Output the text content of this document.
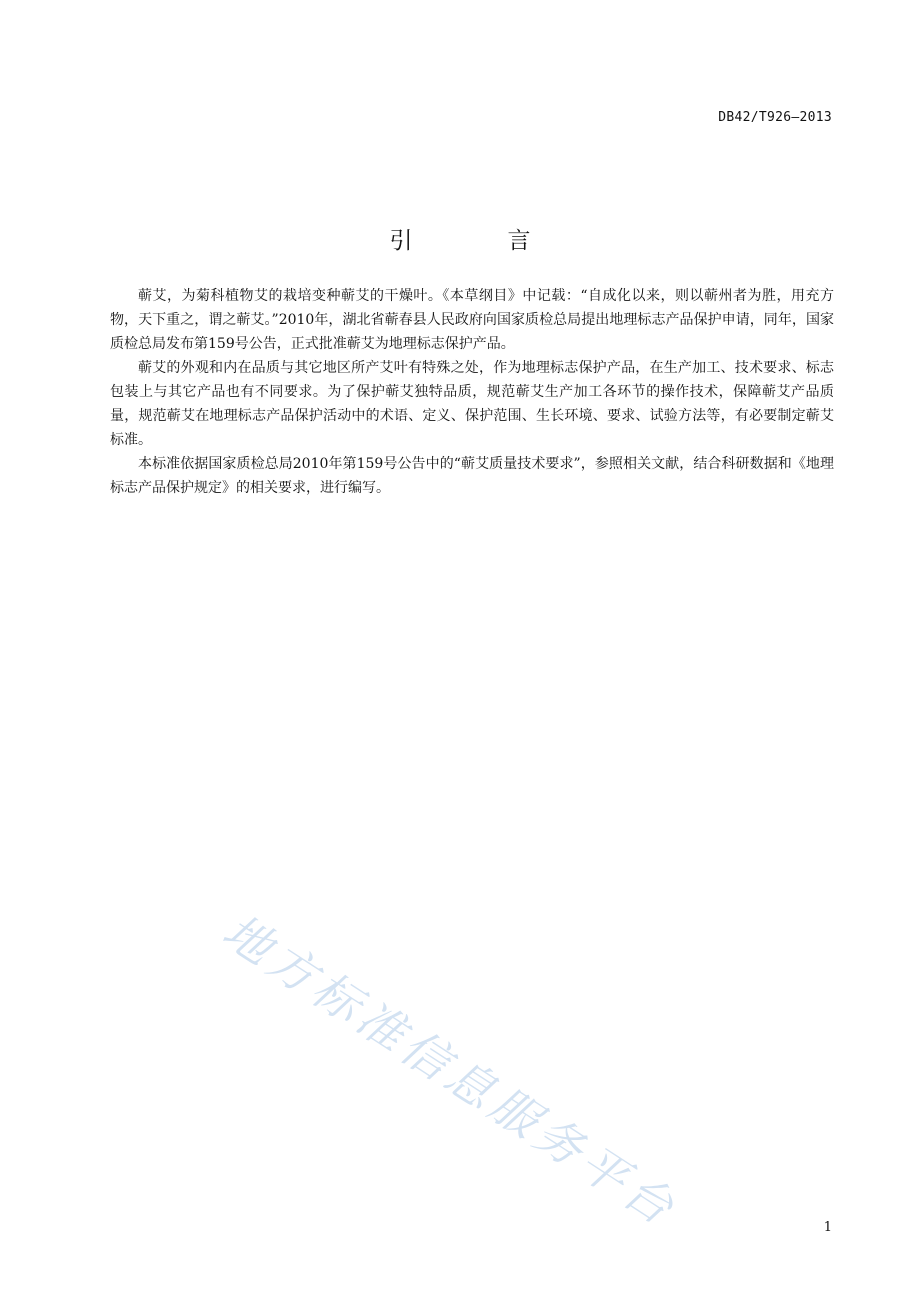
DB42/T926—2013
引　言

蕲艾，为菊科植物艾的栽培变种蕲艾的干燥叶。《本草纲目》中记载：“自成化以来，则以蕲州者为胜，用充方物，天下重之，谓之蕲艾。”2010年，湖北省蕲春县人民政府向国家质检总局提出地理标志产品保护申请，同年，国家质检总局发布第159号公告，正式批准蕲艾为地理标志保护产品。

蕲艾的外观和内在品质与其它地区所产艾叶有特殊之处，作为地理标志保护产品，在生产加工、技术要求、标志包装上与其它产品也有不同要求。为了保护蕲艾独特品质，规范蕲艾生产加工各环节的操作技术，保障蕲艾产品质量，规范蕲艾在地理标志产品保护活动中的术语、定义、保护范围、生长环境、要求、试验方法等，有必要制定蕲艾标准。

本标准依据国家质检总局2010年第159号公告中的“蕲艾质量技术要求”，参照相关文献，结合科研数据和《地理标志产品保护规定》的相关要求，进行编写。

地方标准信息服务平台	1
